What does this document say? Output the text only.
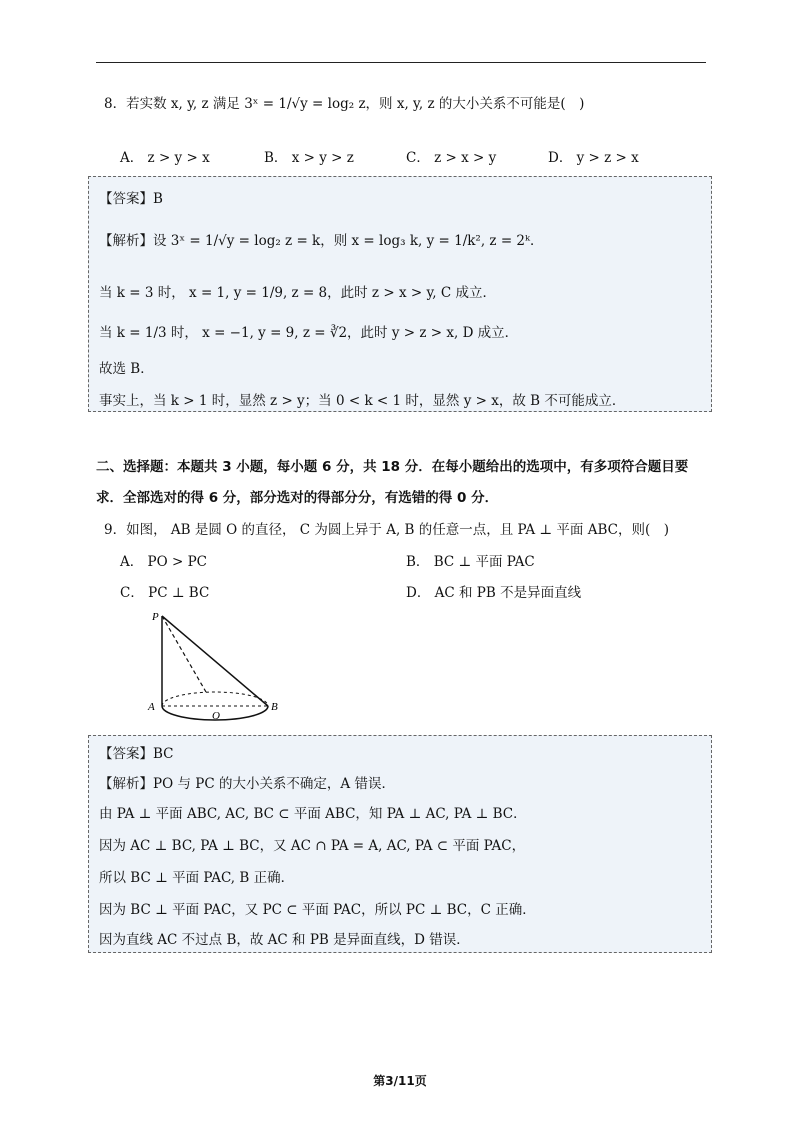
8．若实数 x, y, z 满足 3ˣ = 1/√y = log₂ z，则 x, y, z 的大小关系不可能是(　)
A． z > y > x	B． x > y > z	C． z > x > y	D． y > z > x
【答案】B
【解析】设 3ˣ = 1/√y = log₂ z = k，则 x = log₃ k, y = 1/k², z = 2ᵏ．
当 k = 3 时， x = 1, y = 1/9, z = 8，此时 z > x > y, C 成立．
当 k = 1/3 时， x = −1, y = 9, z = ∛2，此时 y > z > x, D 成立．
故选 B．
事实上，当 k > 1 时，显然 z > y；当 0 < k < 1 时，显然 y > x，故 B 不可能成立．
二、选择题：本题共 3 小题，每小题 6 分，共 18 分．在每小题给出的选项中，有多项符合题目要
求．全部选对的得 6 分，部分选对的得部分分，有选错的得 0 分．
9．如图， AB 是圆 O 的直径， C 为圆上异于 A, B 的任意一点，且 PA ⊥ 平面 ABC，则(　)
A． PO > PC	B． BC ⊥ 平面 PAC
C． PC ⊥ BC	D． AC 和 PB 不是异面直线
P
A
O
B
【答案】BC
【解析】PO 与 PC 的大小关系不确定，A 错误．
由 PA ⊥ 平面 ABC, AC, BC ⊂ 平面 ABC，知 PA ⊥ AC, PA ⊥ BC．
因为 AC ⊥ BC, PA ⊥ BC，又 AC ∩ PA = A, AC, PA ⊂ 平面 PAC，
所以 BC ⊥ 平面 PAC, B 正确．
因为 BC ⊥ 平面 PAC，又 PC ⊂ 平面 PAC，所以 PC ⊥ BC，C 正确．
因为直线 AC 不过点 B，故 AC 和 PB 是异面直线，D 错误．
第3/11页
